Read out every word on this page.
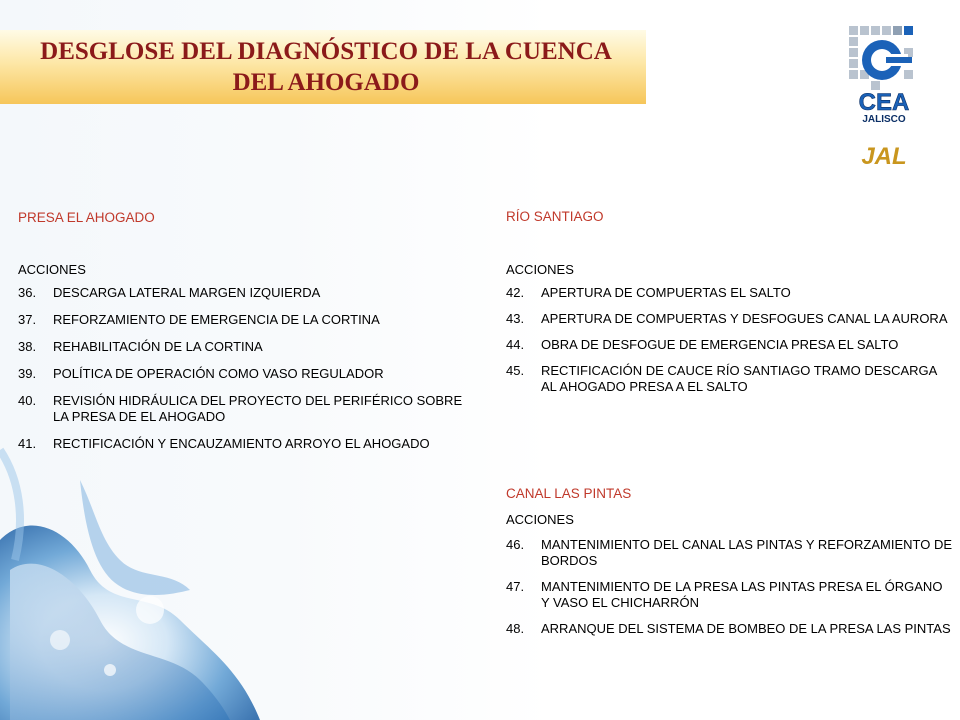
DESGLOSE DEL DIAGNÓSTICO DE LA CUENCA
DEL AHOGADO
CEA
JALISCO
JAL
PRESA EL AHOGADO
ACCIONES
36.	DESCARGA LATERAL MARGEN IZQUIERDA
37.	REFORZAMIENTO DE EMERGENCIA DE LA CORTINA
38.	REHABILITACIÓN DE LA CORTINA
39.	POLÍTICA DE OPERACIÓN COMO VASO REGULADOR
40.	REVISIÓN HIDRÁULICA DEL PROYECTO DEL PERIFÉRICO SOBRE LA PRESA DE EL AHOGADO
41.	RECTIFICACIÓN Y ENCAUZAMIENTO ARROYO EL AHOGADO
RÍO SANTIAGO
ACCIONES
42.	APERTURA DE COMPUERTAS EL SALTO
43.	APERTURA DE COMPUERTAS Y DESFOGUES CANAL LA AURORA
44.	OBRA DE DESFOGUE DE EMERGENCIA PRESA EL SALTO
45.	RECTIFICACIÓN DE CAUCE RÍO SANTIAGO TRAMO DESCARGA AL AHOGADO PRESA A EL SALTO
CANAL LAS PINTAS
ACCIONES
46.	MANTENIMIENTO DEL CANAL LAS PINTAS Y REFORZAMIENTO DE BORDOS
47.	MANTENIMIENTO DE LA PRESA LAS PINTAS PRESA EL ÓRGANO Y VASO EL CHICHARRÓN
48.	ARRANQUE DEL SISTEMA DE BOMBEO DE LA PRESA LAS PINTAS
